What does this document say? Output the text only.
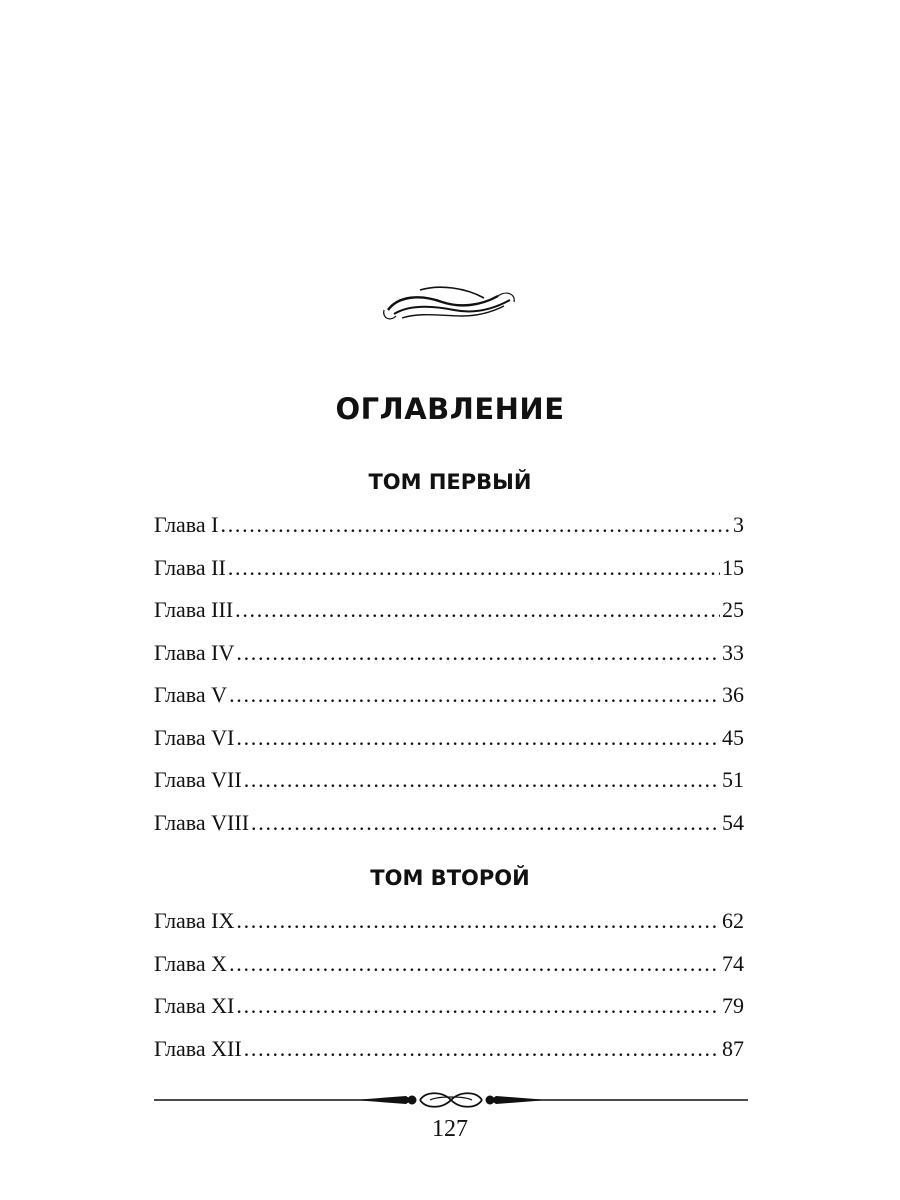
ОГЛАВЛЕНИЕ
ТОМ ПЕРВЫЙ
Глава I . . .	3
Глава II . . .	15
Глава III . . .	25
Глава IV . . .	33
Глава V . . .	36
Глава VI . . .	45
Глава VII . . .	51
Глава VIII . . .	54
ТОМ ВТОРОЙ
Глава IX . . .	62
Глава X . . .	74
Глава XI . . .	79
Глава XII . . .	87
127
